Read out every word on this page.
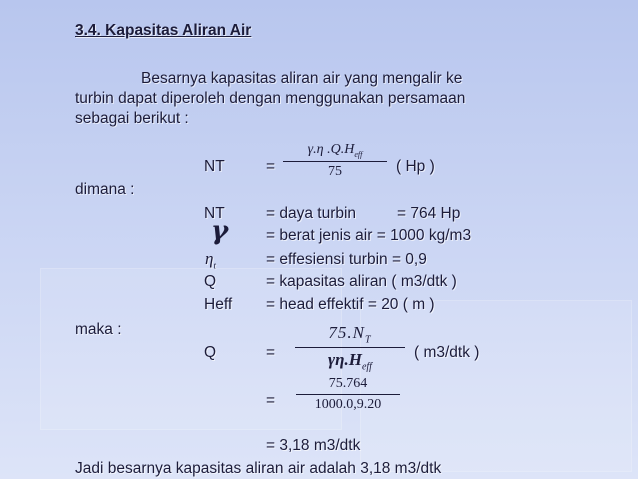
3.4. Kapasitas Aliran Air
Besarnya kapasitas aliran air yang mengalir ke
turbin dapat diperoleh dengan menggunakan persamaan
sebagai berikut :
NT	=
γ.η $.Q.H_{eff}$
75	( Hp )
dimana :
NT	= daya turbin	= 764 Hp
γ = berat jenis air = 1000 kg/m3
$\eta_t$	= effesiensi turbin = 0,9
Q	= kapasitas aliran ( m3/dtk )
Heff = head effektif = 20 ( m )
maka :
Q	=
$75.N_T$
$\gamma\eta.H_{eff}$
( m3/dtk )
=
75.764
1000.0,9.20
= 3,18 m3/dtk
Jadi besarnya kapasitas aliran air adalah 3,18 m3/dtk
